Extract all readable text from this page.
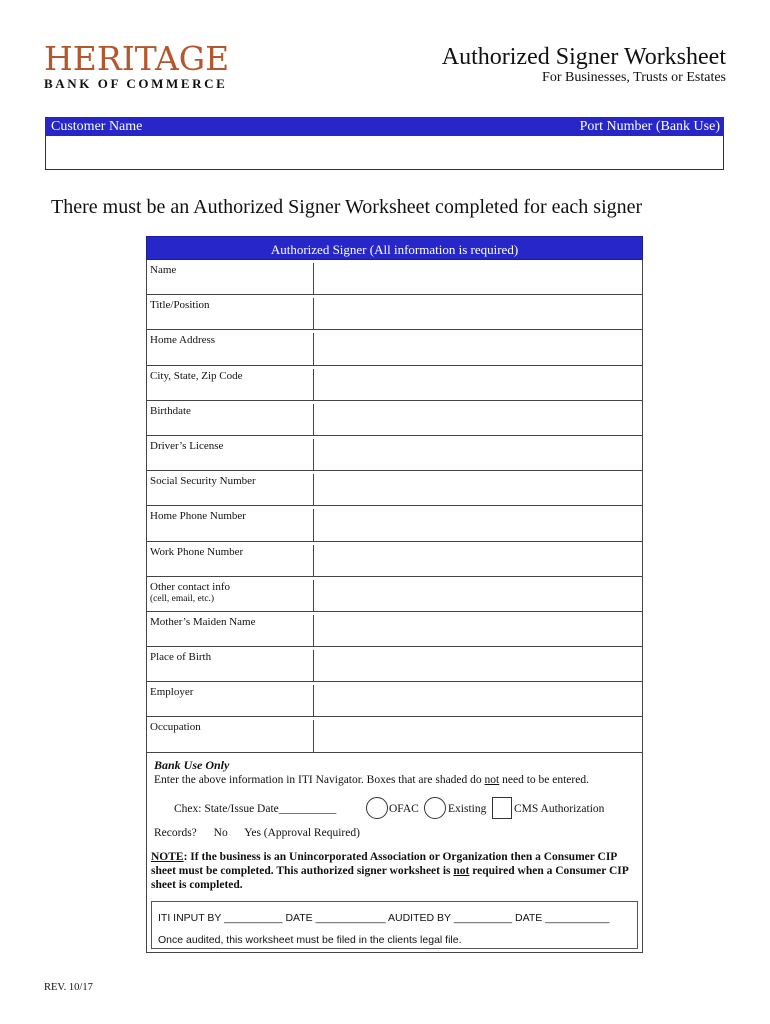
HERITAGE
BANK OF COMMERCE
Authorized Signer Worksheet
For Businesses, Trusts or Estates
Customer Name	Port Number (Bank Use)
There must be an Authorized Signer Worksheet completed for each signer
Authorized Signer (All information is required)
Name
Title/Position
Home Address
City, State, Zip Code
Birthdate
Driver’s License
Social Security Number
Home Phone Number
Work Phone Number
Other contact info
(cell, email, etc.)
Mother’s Maiden Name
Place of Birth
Employer
Occupation
Bank Use Only
Enter the above information in ITI Navigator. Boxes that are shaded do not need to be entered.
Chex: State/Issue Date__________	OFAC	Existing CMS Authorization
Records? No Yes (Approval Required)
NOTE: If the business is an Unincorporated Association or Organization then a Consumer CIP sheet must be completed. This authorized signer worksheet is not required when a Consumer CIP sheet is completed.
ITI INPUT BY __________ DATE ____________ AUDITED BY __________ DATE ___________
Once audited, this worksheet must be filed in the clients legal file.
REV. 10/17
